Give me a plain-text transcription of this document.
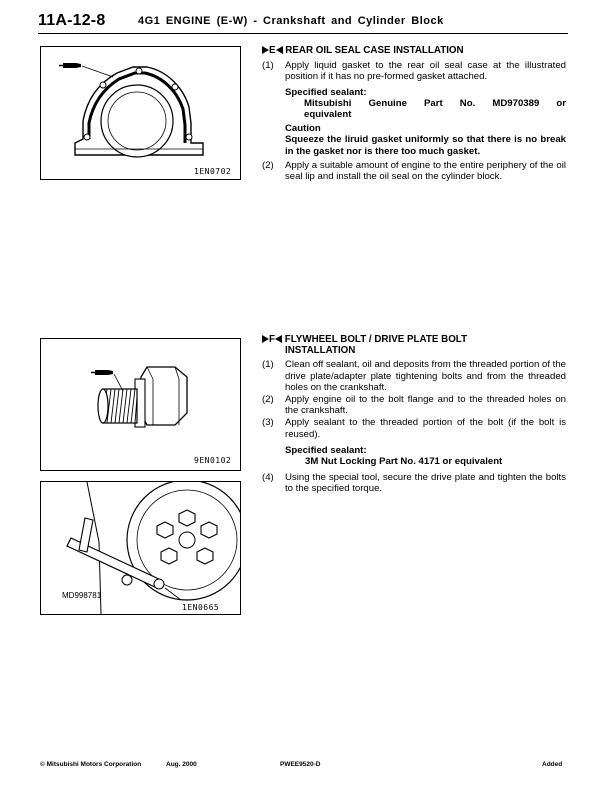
11A-12-8	4G1 ENGINE (E-W) - Crankshaft and Cylinder Block
1EN0702
9EN0102
MD998781
1EN0665
E REAR OIL SEAL CASE INSTALLATION
(1)	Apply liquid gasket to the rear oil seal case at the illustrated position if it has no pre-formed gasket attached.
Specified sealant:
Mitsubishi Genuine Part No. MD970389 or
equivalent
Caution
Squeeze the liruid gasket uniformly so that there is no break in the gasket nor is there too much gasket.
(2)	Apply a suitable amount of engine to the entire periphery of the oil seal lip and install the oil seal on the cylinder block.
F FLYWHEEL BOLT / DRIVE PLATE BOLT
INSTALLATION
(1)	Clean off sealant, oil and deposits from the threaded portion of the drive plate/adapter plate tightening bolts and from the threaded holes on the crankshaft.
(2)	Apply engine oil to the bolt flange and to the threaded holes on the crankshaft.
(3)	Apply sealant to the threaded portion of the bolt (if the bolt is reused).
Specified sealant:
3M Nut Locking Part No. 4171 or equivalent
(4)	Using the special tool, secure the drive plate and tighten the bolts to the specified torque.
© Mitsubishi Motors Corporation	Aug. 2000	PWEE9520-D	Added
